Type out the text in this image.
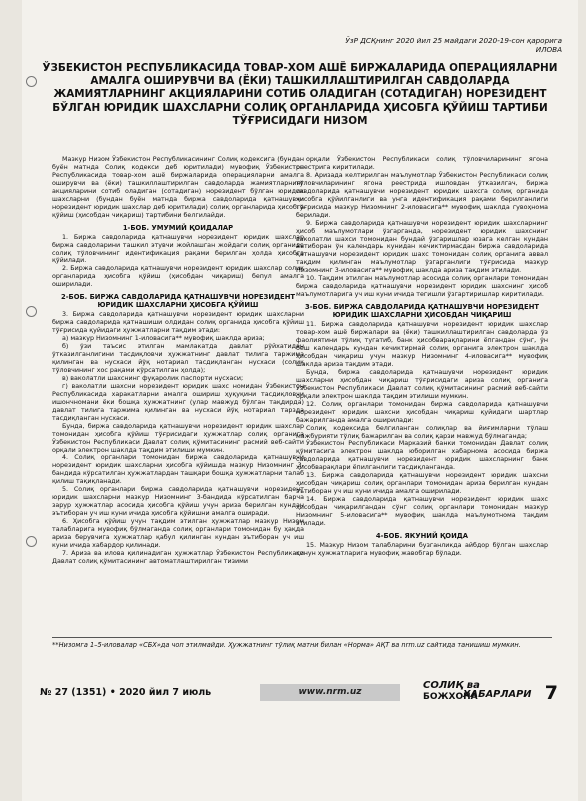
ЎзР ДСҚнинг 2020 йил 25 майдаги 2020-19-сон қарорига
ИЛОВА
ЎЗБЕКИСТОН РЕСПУБЛИКАСИДА ТОВАР-ХОМ АШЁ БИРЖАЛАРИДА ОПЕРАЦИЯЛАРНИ АМАЛГА ОШИРУВЧИ ВА (ЁКИ) ТАШКИЛЛАШТИРИЛГАН САВДОЛАРДА ЖАМИЯТЛАРНИНГ АКЦИЯЛАРИНИ СОТИБ ОЛАДИГАН (СОТАДИГАН) НОРЕЗИДЕНТ БЎЛГАН ЮРИДИК ШАХСЛАРНИ СОЛИҚ ОРГАНЛАРИДА ҲИСОБГА ҚЎЙИШ ТАРТИБИ ТЎҒРИСИДАГИ НИЗОМ

Мазкур Низом Ўзбекистон Республикасининг Солиқ кодексига (бундан буён матнда Солиқ кодекси деб юритилади) мувофиқ Ўзбекистон Республикасида товар-хом ашё биржаларида операцияларни амалга оширувчи ва (ёки) ташкиллаштирилган савдоларда жамиятларнинг акцияларини сотиб оладиган (сотадиган) норезидент бўлган юридик шахсларни (бундан буён матнда биржа савдоларида қатнашувчи норезидент юридик шахслар деб юритилади) солиқ органларида ҳисобга қўйиш (ҳисобдан чиқариш) тартибини белгилайди.

1-БОБ. УМУМИЙ ҚОИДАЛАР

1. Биржа савдоларида қатнашувчи норезидент юридик шахслар биржа савдоларини ташкил этувчи жойлашган жойдаги солиқ органида солиқ тўловчининг идентификация рақами берилган ҳолда ҳисобга қўйилади.

2. Биржа савдоларида қатнашувчи норезидент юридик шахслар солиқ органларида ҳисобга қўйиш (ҳисобдан чиқариш) бепул амалга оширилади.

2-БОБ. БИРЖА САВДОЛАРИДА ҚАТНАШУВЧИ НОРЕЗИДЕНТ ЮРИДИК ШАХСЛАРНИ ҲИСОБГА ҚЎЙИШ

3. Биржа савдоларида қатнашувчи норезидент юридик шахсларни биржа савдоларида қатнашиши олдидан солиқ органида ҳисобга қўйиш тўғрисида қуйидаги ҳужжатларни тақдим этади:

а) мазкур Низомнинг 1-иловасига** мувофиқ шаклда ариза;

б) ўзи таъсис этилган мамлакатда давлат рўйхатидан ўтказилганлигини тасдиқловчи ҳужжатнинг давлат тилига таржима қилинган ва нусхаси йўқ нотариал тасдиқланган нусхаси (солиқ тўловчининг хос рақами кўрсатилган ҳолда);

в) ваколатли шахснинг фуқаролик паспорти нусхаси;

г) ваколатли шахсни норезидент юридик шахс номидан Ўзбекистон Республикасида харакатларни амалга ошириш ҳуқуқини тасдиқловчи ишончномани ёки бошқа ҳужжатнинг (улар мавжуд бўлган тақдирда) давлат тилига таржима қилинган ва нусхаси йўқ нотариал тарзда тасдиқланган нусхаси.

Бунда, биржа савдоларида қатнашувчи норезидент юридик шахслар томонидан ҳисобга қўйиш тўғрисидаги ҳужжатлар солиқ органига Ўзбекистон Республикаси Давлат солиқ қўмитасининг расмий веб-сайти орқали электрон шаклда тақдим этилиши мумкин.

4. Солиқ органлари томонидан биржа савдоларида қатнашувчи норезидент юридик шахсларни ҳисобга қўйишда мазкур Низомнинг 3-бандида кўрсатилган ҳужжатлардан ташқари бошқа ҳужжатларни талаб қилиш тақиқланади.

5. Солиқ органлари биржа савдоларида қатнашувчи норезидент юридик шахсларни мазкур Низомнинг 3-бандида кўрсатилган барча зарур ҳужжатлар асосида ҳисобга қўйиш учун ариза берилган кундан эътиборан уч иш куни ичида ҳисобга қўйишни амалга оширади.

6. Ҳисобга қўйиш учун тақдим этилган ҳужжатлар мазкур Низом талабларига мувофиқ бўлмаганда солиқ органлари томонидан бу ҳақда ариза берувчига ҳужжатлар қабул қилинган кундан эътиборан уч иш куни ичида хабардор қилинади.

7. Ариза ва илова қилинадиган ҳужжатлар Ўзбекистон Республикаси Давлат солиқ қўмитасининг автоматлаштирилган тизими

орқали Ўзбекистон Республикаси солиқ тўловчиларининг ягона реестрига киритилади.

8. Аризада келтирилган маълумотлар Ўзбекистон Республикаси солиқ тўловчиларининг ягона реестрида ишловдан ўтказилгач, биржа савдоларида қатнашувчи норезидент юридик шахсга солиқ органида ҳисобга қўйилганлиги ва унга идентификация рақами берилганлиги тўғрисида мазкур Низомнинг 2-иловасига** мувофиқ шаклда гувоҳнома берилади.

9. Биржа савдоларида қатнашувчи норезидент юридик шахсларнинг ҳисоб маълумотлари ўзгарганда, норезидент юридик шахснинг ваколатли шахси томонидан бундай ўзгаришлар юзага келган кундан эътиборан ўн календарь кунидан кечиктирмасдан биржа савдоларида қатнашувчи норезидент юридик шахс томонидан солиқ органига аввал тақдим қилинган маълумотлар ўзгарганлиги тўғрисида мазкур Низомнинг 3-иловасига** мувофиқ шаклда ариза тақдим этилади.

10. Тақдим этилган маълумотлар асосида солиқ органлари томонидан биржа савдоларида қатнашувчи норезидент юридик шахснинг ҳисоб маълумотларига уч иш куни ичида тегишли ўзгартиришлар киритилади.

3-БОБ. БИРЖА САВДОЛАРИДА ҚАТНАШУВЧИ НОРЕЗИДЕНТ ЮРИДИК ШАХСЛАРНИ ҲИСОБДАН ЧИҚАРИШ

11. Биржа савдоларида қатнашувчи норезидент юридик шахслар товар-хом ашё биржалари ва (ёки) ташкиллаштирилган савдоларда ўз фаолиятини тўлиқ тугатиб, банк ҳисобварақларини ёпгандан сўнг, ўн беш календарь кундан кечиктирмай солиқ органига электрон шаклда ҳисобдан чиқариш учун мазкур Низомнинг 4-иловасига** мувофиқ шаклда ариза тақдим этади.

Бунда, биржа савдоларида қатнашувчи норезидент юридик шахсларни ҳисобдан чиқариш тўғрисидаги ариза солиқ органига Ўзбекистон Республикаси Давлат солиқ қўмитасининг расмий веб-сайти орқали электрон шаклда тақдим этилиши мумкин.

12. Солиқ органлари томонидан биржа савдоларида қатнашувчи норезидент юридик шахсни ҳисобдан чиқариш қуйидаги шартлар бажарилганда амалга оширилади:

Солиқ кодексида белгиланган солиқлар ва йиғимларни тўлаш мажбурияти тўлиқ бажарилган ва солиқ қарзи мавжуд бўлмаганда;

Ўзбекистон Республикаси Марказий банки томонидан Давлат солиқ қўмитасига электрон шаклда юборилган хабарнома асосида биржа савдоларида қатнашувчи норезидент юридик шахсларнинг банк ҳисобварақлари ёпилганлиги тасдиқланганда.

13. Биржа савдоларида қатнашувчи норезидент юридик шахсни ҳисобдан чиқариш солиқ органлари томонидан ариза берилган кундан эътиборан уч иш куни ичида амалга оширилади.

14. Биржа савдоларида қатнашувчи норезидент юридик шахс ҳисобдан чиқарилгандан сўнг солиқ органлари томонидан мазкур Низомнинг 5-иловасига** мувофиқ шаклда маълумотнома тақдим этилади.

4-БОБ. ЯКУНИЙ ҚОИДА

15. Мазкур Низом талабларини бузганликда айбдор бўлган шахслар қонун ҳужжатларига мувофиқ жавобгар бўлади.

**Низомга 1–5-иловалар «СБХ»да чоп этилмайди. Ҳужжатнинг тўлиқ матни билан «Норма» АҚТ ва nrm.uz сайтида танишиш мумкин.
№ 27 (1351) • 2020 йил 7 июль	www.nrm.uz
СОЛИҚ ва
БОЖХОНА
ХАБАРЛАРИ 7
